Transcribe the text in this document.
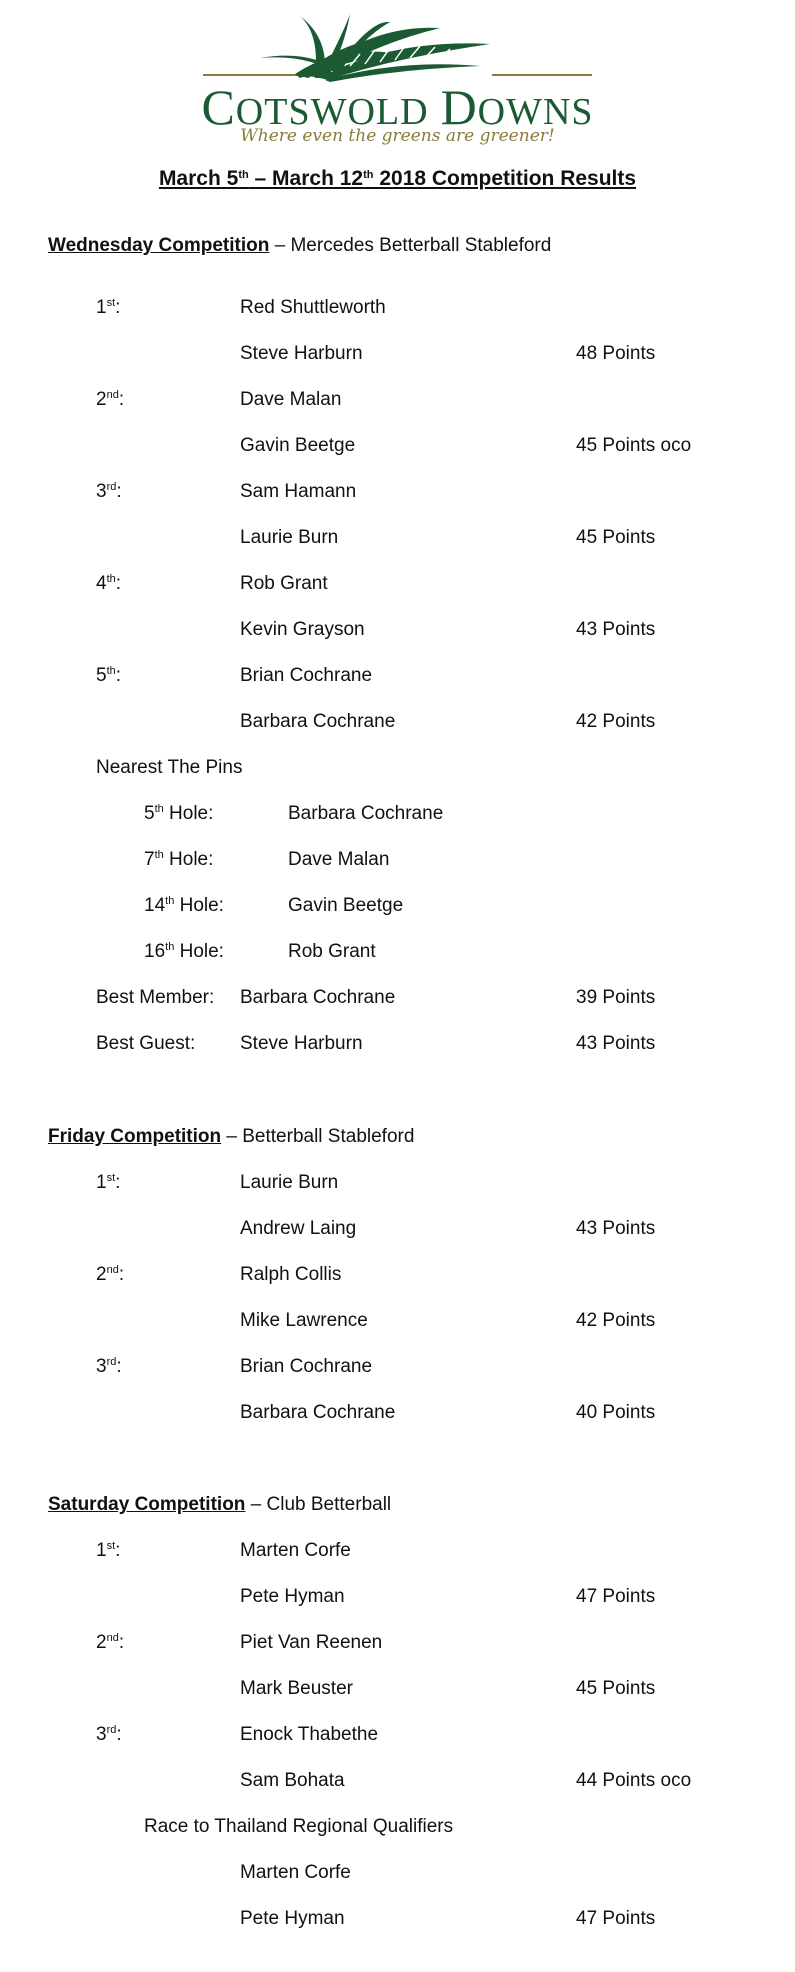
COTSWOLD DOWNS
Where even the greens are greener!
March 5th – March 12th 2018 Competition Results
Wednesday Competition – Mercedes Betterball Stableford
1st:	Red Shuttleworth
Steve Harburn	48 Points
2nd:	Dave Malan
Gavin Beetge	45 Points oco
3rd:	Sam Hamann
Laurie Burn	45 Points
4th:	Rob Grant
Kevin Grayson	43 Points
5th:	Brian Cochrane
Barbara Cochrane	42 Points
Nearest The Pins
5th Hole:	Barbara Cochrane
7th Hole:	Dave Malan
14th Hole:	Gavin Beetge
16th Hole:	Rob Grant
Best Member: Barbara Cochrane	39 Points
Best Guest: Steve Harburn	43 Points
Friday Competition – Betterball Stableford
1st:	Laurie Burn
Andrew Laing	43 Points
2nd:	Ralph Collis
Mike Lawrence	42 Points
3rd:	Brian Cochrane
Barbara Cochrane	40 Points
Saturday Competition – Club Betterball
1st:	Marten Corfe
Pete Hyman	47 Points
2nd:	Piet Van Reenen
Mark Beuster	45 Points
3rd:	Enock Thabethe
Sam Bohata	44 Points oco
Race to Thailand Regional Qualifiers
Marten Corfe
Pete Hyman	47 Points
